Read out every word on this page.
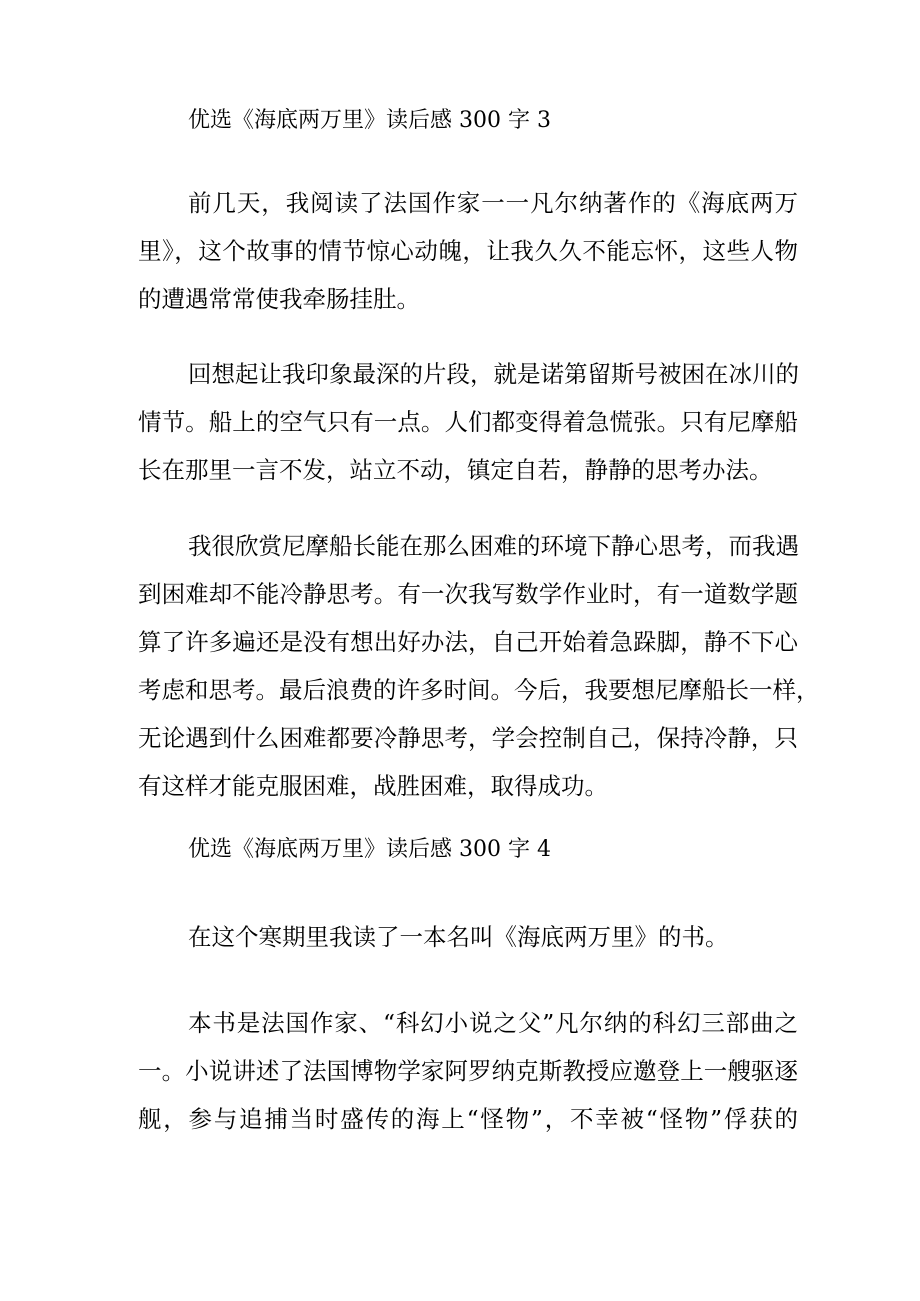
优选《海底两万里》读后感 300 字 3
前几天，我阅读了法国作家一一凡尔纳著作的《海底两万
里》，这个故事的情节惊心动魄，让我久久不能忘怀，这些人物
的遭遇常常使我牵肠挂肚。
回想起让我印象最深的片段，就是诺第留斯号被困在冰川的
情节。船上的空气只有一点。人们都变得着急慌张。只有尼摩船
长在那里一言不发，站立不动，镇定自若，静静的思考办法。
我很欣赏尼摩船长能在那么困难的环境下静心思考，而我遇
到困难却不能冷静思考。有一次我写数学作业时，有一道数学题
算了许多遍还是没有想出好办法，自己开始着急跺脚，静不下心
考虑和思考。最后浪费的许多时间。今后，我要想尼摩船长一样，
无论遇到什么困难都要冷静思考，学会控制自己，保持冷静，只
有这样才能克服困难，战胜困难，取得成功。
优选《海底两万里》读后感 300 字 4
在这个寒期里我读了一本名叫《海底两万里》的书。
本书是法国作家、“科幻小说之父”凡尔纳的科幻三部曲之
一。小说讲述了法国博物学家阿罗纳克斯教授应邀登上一艘驱逐
舰，参与追捕当时盛传的海上“怪物”，不幸被“怪物”俘获的
